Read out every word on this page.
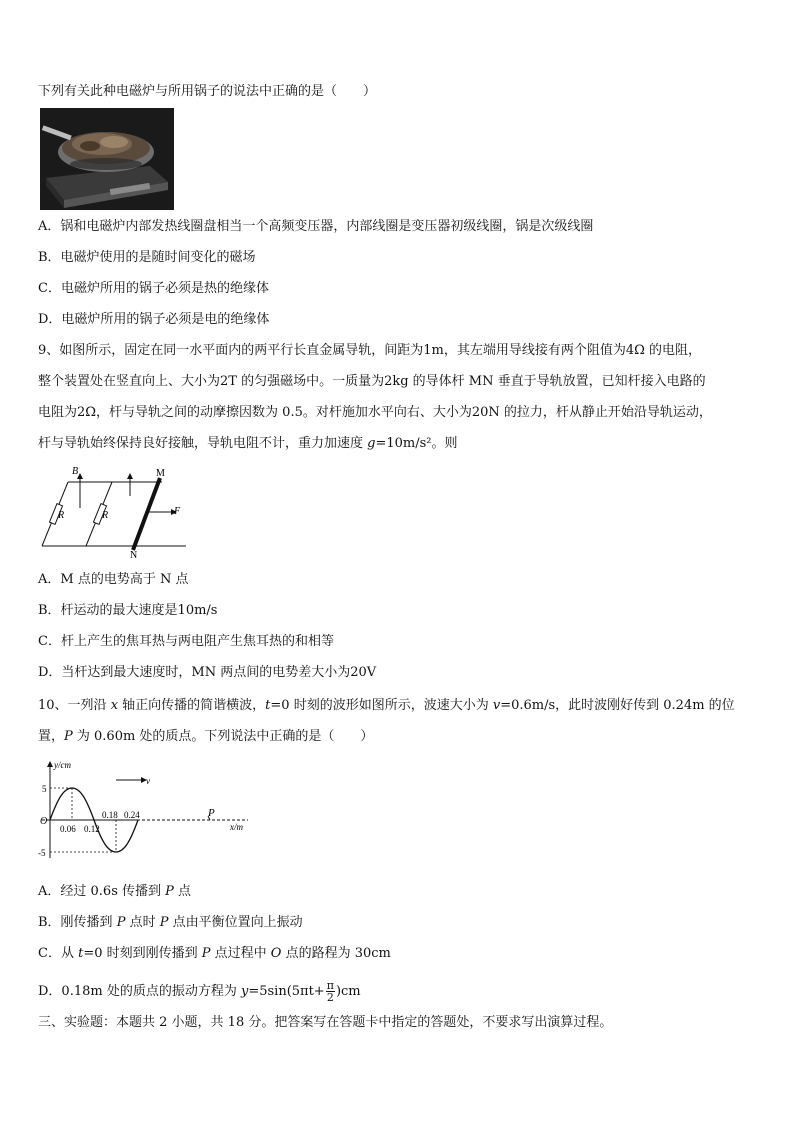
下列有关此种电磁炉与所用锅子的说法中正确的是（　　）
A．锅和电磁炉内部发热线圈盘相当一个高频变压器，内部线圈是变压器初级线圈，锅是次级线圈
B．电磁炉使用的是随时间变化的磁场
C．电磁炉所用的锅子必须是热的绝缘体
D．电磁炉所用的锅子必须是电的绝缘体
9、如图所示，固定在同一水平面内的两平行长直金属导轨，间距为1m，其左端用导线接有两个阻值为4Ω 的电阻，
整个装置处在竖直向上、大小为2T 的匀强磁场中。一质量为2kg 的导体杆 MN 垂直于导轨放置，已知杆接入电路的
电阻为2Ω，杆与导轨之间的动摩擦因数为 0.5。对杆施加水平向右、大小为20N 的拉力，杆从静止开始沿导轨运动，
杆与导轨始终保持良好接触，导轨电阻不计，重力加速度 g=10m/s²。则
B
R	R
M
N
F
A．M 点的电势高于 N 点
B．杆运动的最大速度是10m/s
C．杆上产生的焦耳热与两电阻产生焦耳热的和相等
D．当杆达到最大速度时，MN 两点间的电势差大小为20V
10、一列沿 x 轴正向传播的简谐横波，t=0 时刻的波形如图所示，波速大小为 v=0.6m/s，此时波刚好传到 0.24m 的位
置，P 为 0.60m 处的质点。下列说法中正确的是（　　）
y/cm
x/m
O
5
-5
0.06 0.12
0.18 0.24
v
P
A．经过 0.6s 传播到 P 点
B．刚传播到 P 点时 P 点由平衡位置向上振动
C．从 t=0 时刻到刚传播到 P 点过程中 O 点的路程为 30cm
D．0.18m 处的质点的振动方程为 $y=5\sin(5\pi t+ \frac{\pi}{2} )cm$
三、实验题：本题共 2 小题，共 18 分。把答案写在答题卡中指定的答题处，不要求写出演算过程。
